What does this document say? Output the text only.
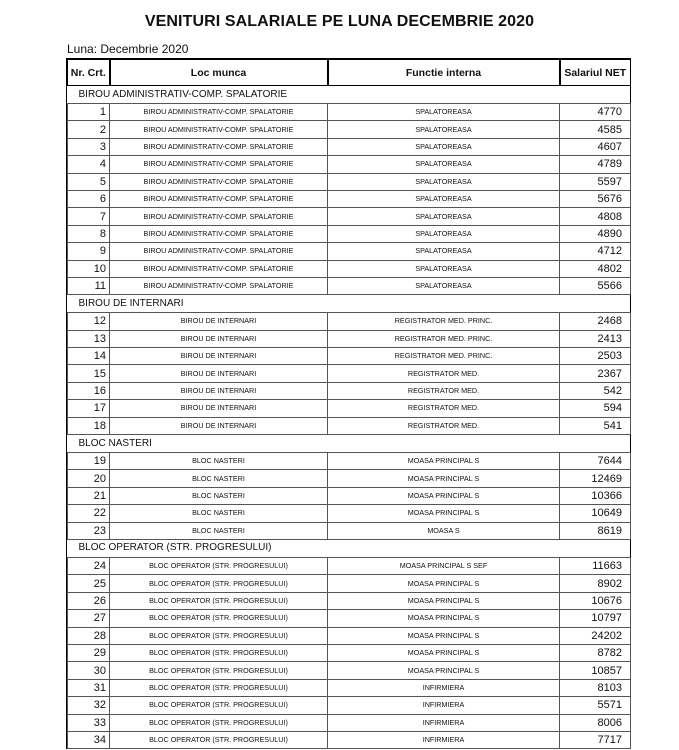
VENITURI SALARIALE PE LUNA DECEMBRIE 2020
Luna: Decembrie 2020
Nr. Crt.	Loc munca	Functie interna	Salariul NET
BIROU ADMINISTRATIV-COMP. SPALATORIE			
1	BIROU ADMINISTRATIV-COMP. SPALATORIE	SPALATOREASA	4770
2	BIROU ADMINISTRATIV-COMP. SPALATORIE	SPALATOREASA	4585
3	BIROU ADMINISTRATIV-COMP. SPALATORIE	SPALATOREASA	4607
4	BIROU ADMINISTRATIV-COMP. SPALATORIE	SPALATOREASA	4789
5	BIROU ADMINISTRATIV-COMP. SPALATORIE	SPALATOREASA	5597
6	BIROU ADMINISTRATIV-COMP. SPALATORIE	SPALATOREASA	5676
7	BIROU ADMINISTRATIV-COMP. SPALATORIE	SPALATOREASA	4808
8	BIROU ADMINISTRATIV-COMP. SPALATORIE	SPALATOREASA	4890
9	BIROU ADMINISTRATIV-COMP. SPALATORIE	SPALATOREASA	4712
10	BIROU ADMINISTRATIV-COMP. SPALATORIE	SPALATOREASA	4802
11	BIROU ADMINISTRATIV-COMP. SPALATORIE	SPALATOREASA	5566
BIROU DE INTERNARI			
12	BIROU DE INTERNARI	REGISTRATOR MED. PRINC.	2468
13	BIROU DE INTERNARI	REGISTRATOR MED. PRINC.	2413
14	BIROU DE INTERNARI	REGISTRATOR MED. PRINC.	2503
15	BIROU DE INTERNARI	REGISTRATOR MED.	2367
16	BIROU DE INTERNARI	REGISTRATOR MED.	542
17	BIROU DE INTERNARI	REGISTRATOR MED.	594
18	BIROU DE INTERNARI	REGISTRATOR MED.	541
BLOC NASTERI			
19	BLOC NASTERI	MOASA PRINCIPAL S	7644
20	BLOC NASTERI	MOASA PRINCIPAL S	12469
21	BLOC NASTERI	MOASA PRINCIPAL S	10366
22	BLOC NASTERI	MOASA PRINCIPAL S	10649
23	BLOC NASTERI	MOASA S	8619
BLOC OPERATOR (STR. PROGRESULUI)			
24	BLOC OPERATOR (STR. PROGRESULUI)	MOASA PRINCIPAL S SEF	11663
25	BLOC OPERATOR (STR. PROGRESULUI)	MOASA PRINCIPAL S	8902
26	BLOC OPERATOR (STR. PROGRESULUI)	MOASA PRINCIPAL S	10676
27	BLOC OPERATOR (STR. PROGRESULUI)	MOASA PRINCIPAL S	10797
28	BLOC OPERATOR (STR. PROGRESULUI)	MOASA PRINCIPAL S	24202
29	BLOC OPERATOR (STR. PROGRESULUI)	MOASA PRINCIPAL S	8782
30	BLOC OPERATOR (STR. PROGRESULUI)	MOASA PRINCIPAL S	10857
31	BLOC OPERATOR (STR. PROGRESULUI)	INFIRMIERA	8103
32	BLOC OPERATOR (STR. PROGRESULUI)	INFIRMIERA	5571
33	BLOC OPERATOR (STR. PROGRESULUI)	INFIRMIERA	8006
34	BLOC OPERATOR (STR. PROGRESULUI)	INFIRMIERA	7717
